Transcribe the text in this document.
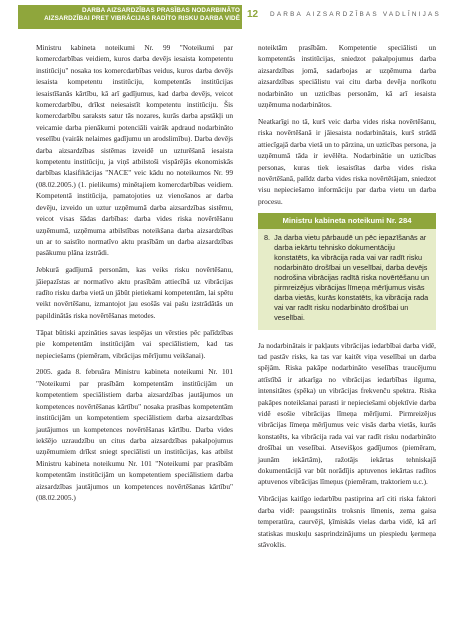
DARBA AIZSARDZĪBAS PRASĪBAS NODARBINĀTO
AIZSARDZĪBAI PRET VIBRĀCIJAS RADĪTO RISKU DARBA VIDĒ 12 DARBA AIZSARDZĪBAS VADLĪNIJAS

Ministru kabineta noteikumi Nr. 99 "Noteikumi par komercdarbības veidiem, kuros darba devējs iesaista kompetentu institūciju" nosaka tos komercdarbības veidus, kuros darba devējs iesaista kompetentu institūciju, kompetentās institūcijas iesaistīšanās kārtību, kā arī gadījumus, kad darba devējs, veicot komercdarbību, drīkst neiesaistīt kompetentu institūciju. Šis komercdarbību saraksts satur tās nozares, kurās darba apstākļi un veicamie darba pienākumi potenciāli vairāk apdraud nodarbināto veselību (vairāk nelaimes gadījumu un arodslimību). Darba devējs darba aizsardzības sistēmas izveidē un uzturēšanā iesaista kompetentu institūciju, ja viņš atbilstoši vispārējās ekonomiskās darbības klasifikācijas "NACE" veic kādu no noteikumos Nr. 99 (08.02.2005.) (1. pielikums) minētajiem komercdarbības veidiem. Kompetentā institūcija, pamatojoties uz vienošanos ar darba devēju, izveido un uztur uzņēmumā darba aizsardzības sistēmu, veicot visas šādas darbības: darba vides riska novērtēšanu uzņēmumā, uzņēmuma atbilstības noteikšana darba aizsardzības un ar to saistīto normatīvo aktu prasībām un darba aizsardzības pasākumu plāna izstrādi.

Jebkurā gadījumā personām, kas veiks risku novērtēšanu, jāiepazīstas ar normatīvo aktu prasībām attiecībā uz vibrācijas radīto risku darba vietā un jābūt pietiekami kompetentām, lai spētu veikt novērtēšanu, izmantojot jau esošās vai pašu izstrādātās un papildinātās riska novērtēšanas metodes.

Tāpat būtiski apzināties savas iespējas un vērsties pēc palīdzības pie kompetentām institūcijām vai speciālistiem, kad tas nepieciešams (piemēram, vibrācijas mērījumu veikšanai).

2005. gada 8. februāra Ministru kabineta noteikumi Nr. 101 "Noteikumi par prasībām kompetentām institūcijām un kompetentiem speciālistiem darba aizsardzības jautājumos un kompetences novērtēšanas kārtību" nosaka prasības kompetentām institūcijām un kompetentiem speciālistiem darba aizsardzības jautājumos un kompetences novērtēšanas kārtību. Darba vides iekšējo uzraudzību un citus darba aizsardzības pakalpojumus uzņēmumiem drīkst sniegt speciālisti un institūcijas, kas atbilst Ministru kabineta noteikumu Nr. 101 "Noteikumi par prasībām kompetentām institūcijām un kompetentiem speciālistiem darba aizsardzības jautājumos un kompetences novērtēšanas kārtību" (08.02.2005.)

noteiktām prasībām. Kompetentie speciālisti un kompetentās institūcijas, sniedzot pakalpojumus darba aizsardzības jomā, sadarbojas ar uzņēmuma darba aizsardzības speciālistu vai citu darba devēja norīkotu nodarbināto un uzticības personām, kā arī iesaista uzņēmuma nodarbinātos.

Neatkarīgi no tā, kurš veic darba vides riska novērtēšanu, riska novērtēšanā ir jāiesaista nodarbinātais, kurš strādā attiecīgajā darba vietā un to pārzina, un uzticības persona, ja uzņēmumā tāda ir ievēlēta. Nodarbinātie un uzticības personas, kuras tiek iesaistītas darba vides riska novērtēšanā, palīdz darba vides riska novērtētājam, sniedzot visu nepieciešamo informāciju par darba vietu un darba procesu.

Ministru kabineta noteikumi Nr. 284
8. Ja darba vietu pārbaudē un pēc iepazīšanās ar darba iekārtu tehnisko dokumentāciju konstatēts, ka vibrācija rada vai var radīt risku nodarbināto drošībai un veselībai, darba devējs nodrošina vibrācijas radītā riska novērtēšanu un pirmreizējus vibrācijas līmeņa mērījumus visās darba vietās, kurās konstatēts, ka vibrācija rada vai var radīt risku nodarbināto drošībai un veselībai.

Ja nodarbinātais ir pakļauts vibrācijas iedarbībai darba vidē, tad pastāv risks, ka tas var kaitēt viņa veselībai un darba spējām. Riska pakāpe nodarbināto veselības traucējumu attīstībā ir atkarīga no vibrācijas iedarbības ilguma, intensitātes (spēka) un vibrācijas frekvenču spektra. Riska pakāpes noteikšanai parasti ir nepieciešami objektīvie darba vidē esošie vibrācijas līmeņa mērījumi. Pirmreizējus vibrācijas līmeņa mērījumus veic visās darba vietās, kurās konstatēts, ka vibrācija rada vai var radīt risku nodarbināto drošībai un veselībai. Atsevišķos gadījumos (piemēram, jaunām iekārtām), ražotājs iekārtas tehniskajā dokumentācijā var būt norādījis aptuvenos iekārtas radītos aptuvenos vibrācijas līmeņus (piemēram, traktoriem u.c.).

Vibrācijas kaitīgo iedarbību pastiprina arī citi riska faktori darba vidē: paaugstināts troksnis līmenis, zema gaisa temperatūra, caurvējš, ķīmiskās vielas darba vidē, kā arī statiskas muskuļu sasprindzinājums un piespiedu ķermeņa stāvoklis.
